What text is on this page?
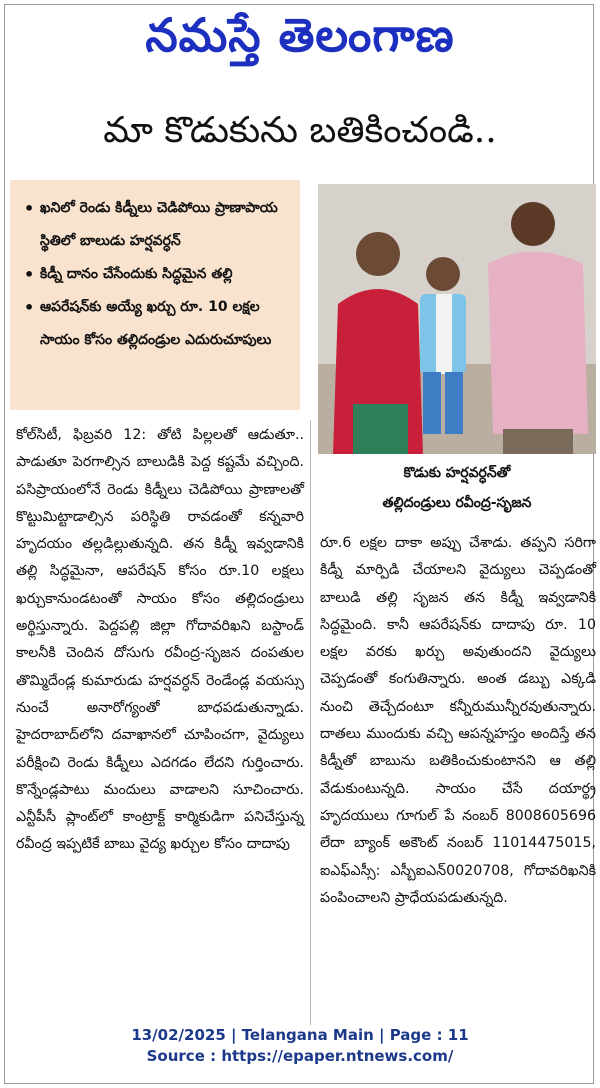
నమస్తే తెలంగాణ
మా కొడుకును బతికించండి..
• ఖనిలో రెండు కిడ్నీలు చెడిపోయి ప్రాణాపాయ స్థితిలో బాలుడు హర్షవర్ధన్
• కిడ్నీ దానం చేసేందుకు సిద్ధమైన తల్లి
• ఆపరేషన్‌కు అయ్యే ఖర్చు రూ. 10 లక్షల సాయం కోసం తల్లిదండ్రుల ఎదురుచూపులు
కొడుకు హర్షవర్ధన్‌తో
తల్లిదండ్రులు రవీంద్ర-సృజన
కోల్‌సిటీ, ఫిబ్రవరి 12: తోటి పిల్లలతో ఆడుతూ.. పాడుతూ పెరగాల్సిన బాలుడికి పెద్ద కష్టమే వచ్చింది. పసిప్రాయంలోనే రెండు కిడ్నీలు చెడిపోయి ప్రాణాలతో కొట్టుమిట్టాడాల్సిన పరిస్థితి రావడంతో కన్నవారి హృదయం తల్లడిల్లుతున్నది. తన కిడ్నీ ఇవ్వడానికి తల్లి సిద్ధమైనా, ఆపరేషన్ కోసం రూ.10 లక్షలు ఖర్చుకానుండటంతో సాయం కోసం తల్లిదండ్రులు అర్థిస్తున్నారు. పెద్దపల్లి జిల్లా గోదావరిఖని బస్టాండ్ కాలనీకి చెందిన దోసుగు రవీంద్ర-సృజన దంపతుల తొమ్మిదేండ్ల కుమారుడు హర్షవర్ధన్ రెండేండ్ల వయస్సు నుంచే అనారోగ్యంతో బాధపడుతున్నాడు. హైదరాబాద్‌లోని దవాఖానలో చూపించగా, వైద్యులు పరీక్షించి రెండు కిడ్నీలు ఎదగడం లేదని గుర్తించారు. కొన్నేండ్లపాటు మందులు వాడాలని సూచించారు. ఎన్టీపీసీ ప్లాంట్‌లో కాంట్రాక్ట్ కార్మికుడిగా పనిచేస్తున్న రవీంద్ర ఇప్పటికే బాబు వైద్య ఖర్చుల కోసం దాదాపు
రూ.6 లక్షల దాకా అప్పు చేశాడు. తప్పని సరిగా కిడ్నీ మార్పిడి చేయాలని వైద్యులు చెప్పడంతో బాలుడి తల్లి సృజన తన కిడ్నీ ఇవ్వడానికి సిద్ధమైంది. కానీ ఆపరేషన్‌కు దాదాపు రూ. 10 లక్షల వరకు ఖర్చు అవుతుందని వైద్యులు చెప్పడంతో కంగుతిన్నారు. అంత డబ్బు ఎక్కడి నుంచి తెచ్చేదంటూ కన్నీరుమున్నీరవుతున్నారు. దాతలు ముందుకు వచ్చి ఆపన్నహస్తం అందిస్తే తన కిడ్నీతో బాబును బతికించుకుంటానని ఆ తల్లి వేడుకుంటున్నది. సాయం చేసే దయార్థ్ర హృదయులు గూగుల్ పే నంబర్ 8008605696 లేదా బ్యాంక్ అకౌంట్ నంబర్ 11014475015, ఐఎఫ్ఎస్సీ: ఎస్బీఐఎన్0020708, గోదావరిఖనికి పంపించాలని ప్రాధేయపడుతున్నది.
13/02/2025 | Telangana Main | Page : 11
Source : https://epaper.ntnews.com/
